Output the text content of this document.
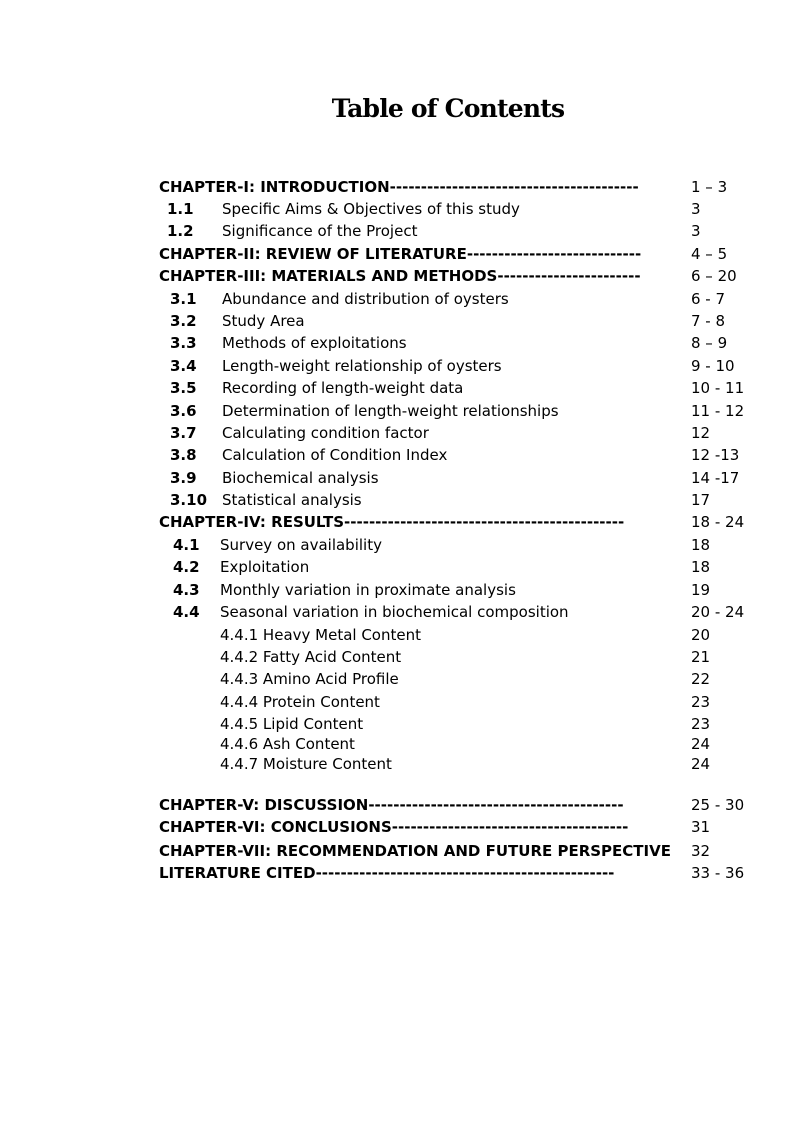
Table of Contents
CHAPTER-I: INTRODUCTION ----------------------------------------	1 – 3
1.1 Specific Aims & Objectives of this study	3
1.2 Significance of the Project	3
CHAPTER-II: REVIEW OF LITERATURE ----------------------------	4 – 5
CHAPTER-III: MATERIALS AND METHODS -----------------------	6 – 20
3.1 Abundance and distribution of oysters	6 - 7
3.2 Study Area	7 - 8
3.3 Methods of exploitations	8 – 9
3.4 Length-weight relationship of oysters	9 - 10
3.5 Recording of length-weight data	10 - 11
3.6 Determination of length-weight relationships	11 - 12
3.7 Calculating condition factor	12
3.8 Calculation of Condition Index	12 -13
3.9 Biochemical analysis	14 -17
3.10 Statistical analysis	17
CHAPTER-IV: RESULTS ---------------------------------------------	18 - 24
4.1 Survey on availability	18
4.2 Exploitation	18
4.3 Monthly variation in proximate analysis	19
4.4 Seasonal variation in biochemical composition	20 - 24
4.4.1 Heavy Metal Content	20
4.4.2 Fatty Acid Content	21
4.4.3 Amino Acid Profile	22
4.4.4 Protein Content	23
4.4.5 Lipid Content	23
4.4.6 Ash Content	24
4.4.7 Moisture Content	24
CHAPTER-V: DISCUSSION -----------------------------------------	25 - 30
CHAPTER-VI: CONCLUSIONS --------------------------------------	31
CHAPTER-VII: RECOMMENDATION AND FUTURE PERSPECTIVE 32
LITERATURE CITED ------------------------------------------------	33 - 36
